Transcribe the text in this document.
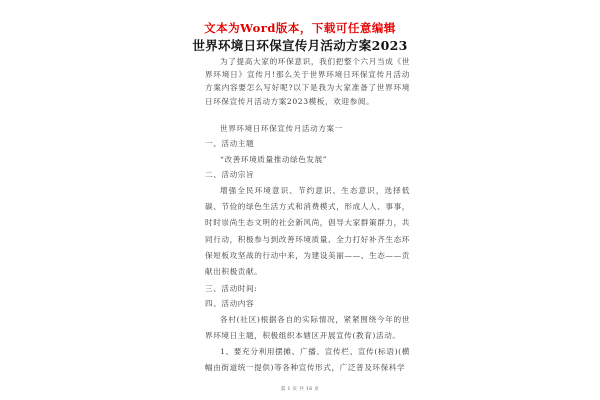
文本为Word版本，下载可任意编辑
世界环境日环保宣传月活动方案2023
为了提高大家的环保意识，我们把整个六月当成《世界环境日》宣传月!那么关于世界环境日环保宣传月活动方案内容要怎么写好呢?以下是我为大家准备了世界环境日环保宣传月活动方案2023模板，欢迎参阅。
世界环境日环保宣传月活动方案一
一、活动主题
“改善环境质量推动绿色发展”
二、活动宗旨
增强全民环境意识、节约意识、生态意识，选择低碳、节俭的绿色生活方式和消费模式，形成人人、事事，时时崇尚生态文明的社会新风尚，倡导大家群策群力，共同行动，积极参与到改善环境质量、全力打好补齐生态环保短板攻坚战的行动中来，为建设美丽——、生态——贡献出积极贡献。
三、活动时间:
四、活动内容
各村(社区)根据各自的实际情况，紧紧围绕今年的世界环境日主题，积极组织本辖区开展宣传(教育)活动。
1、要充分利用摆摊、广播、宣传栏、宣传(标语)(横幅由街道统一提供)等各种宣传形式，广泛普及环保科学
第 1 页 共 16 页
